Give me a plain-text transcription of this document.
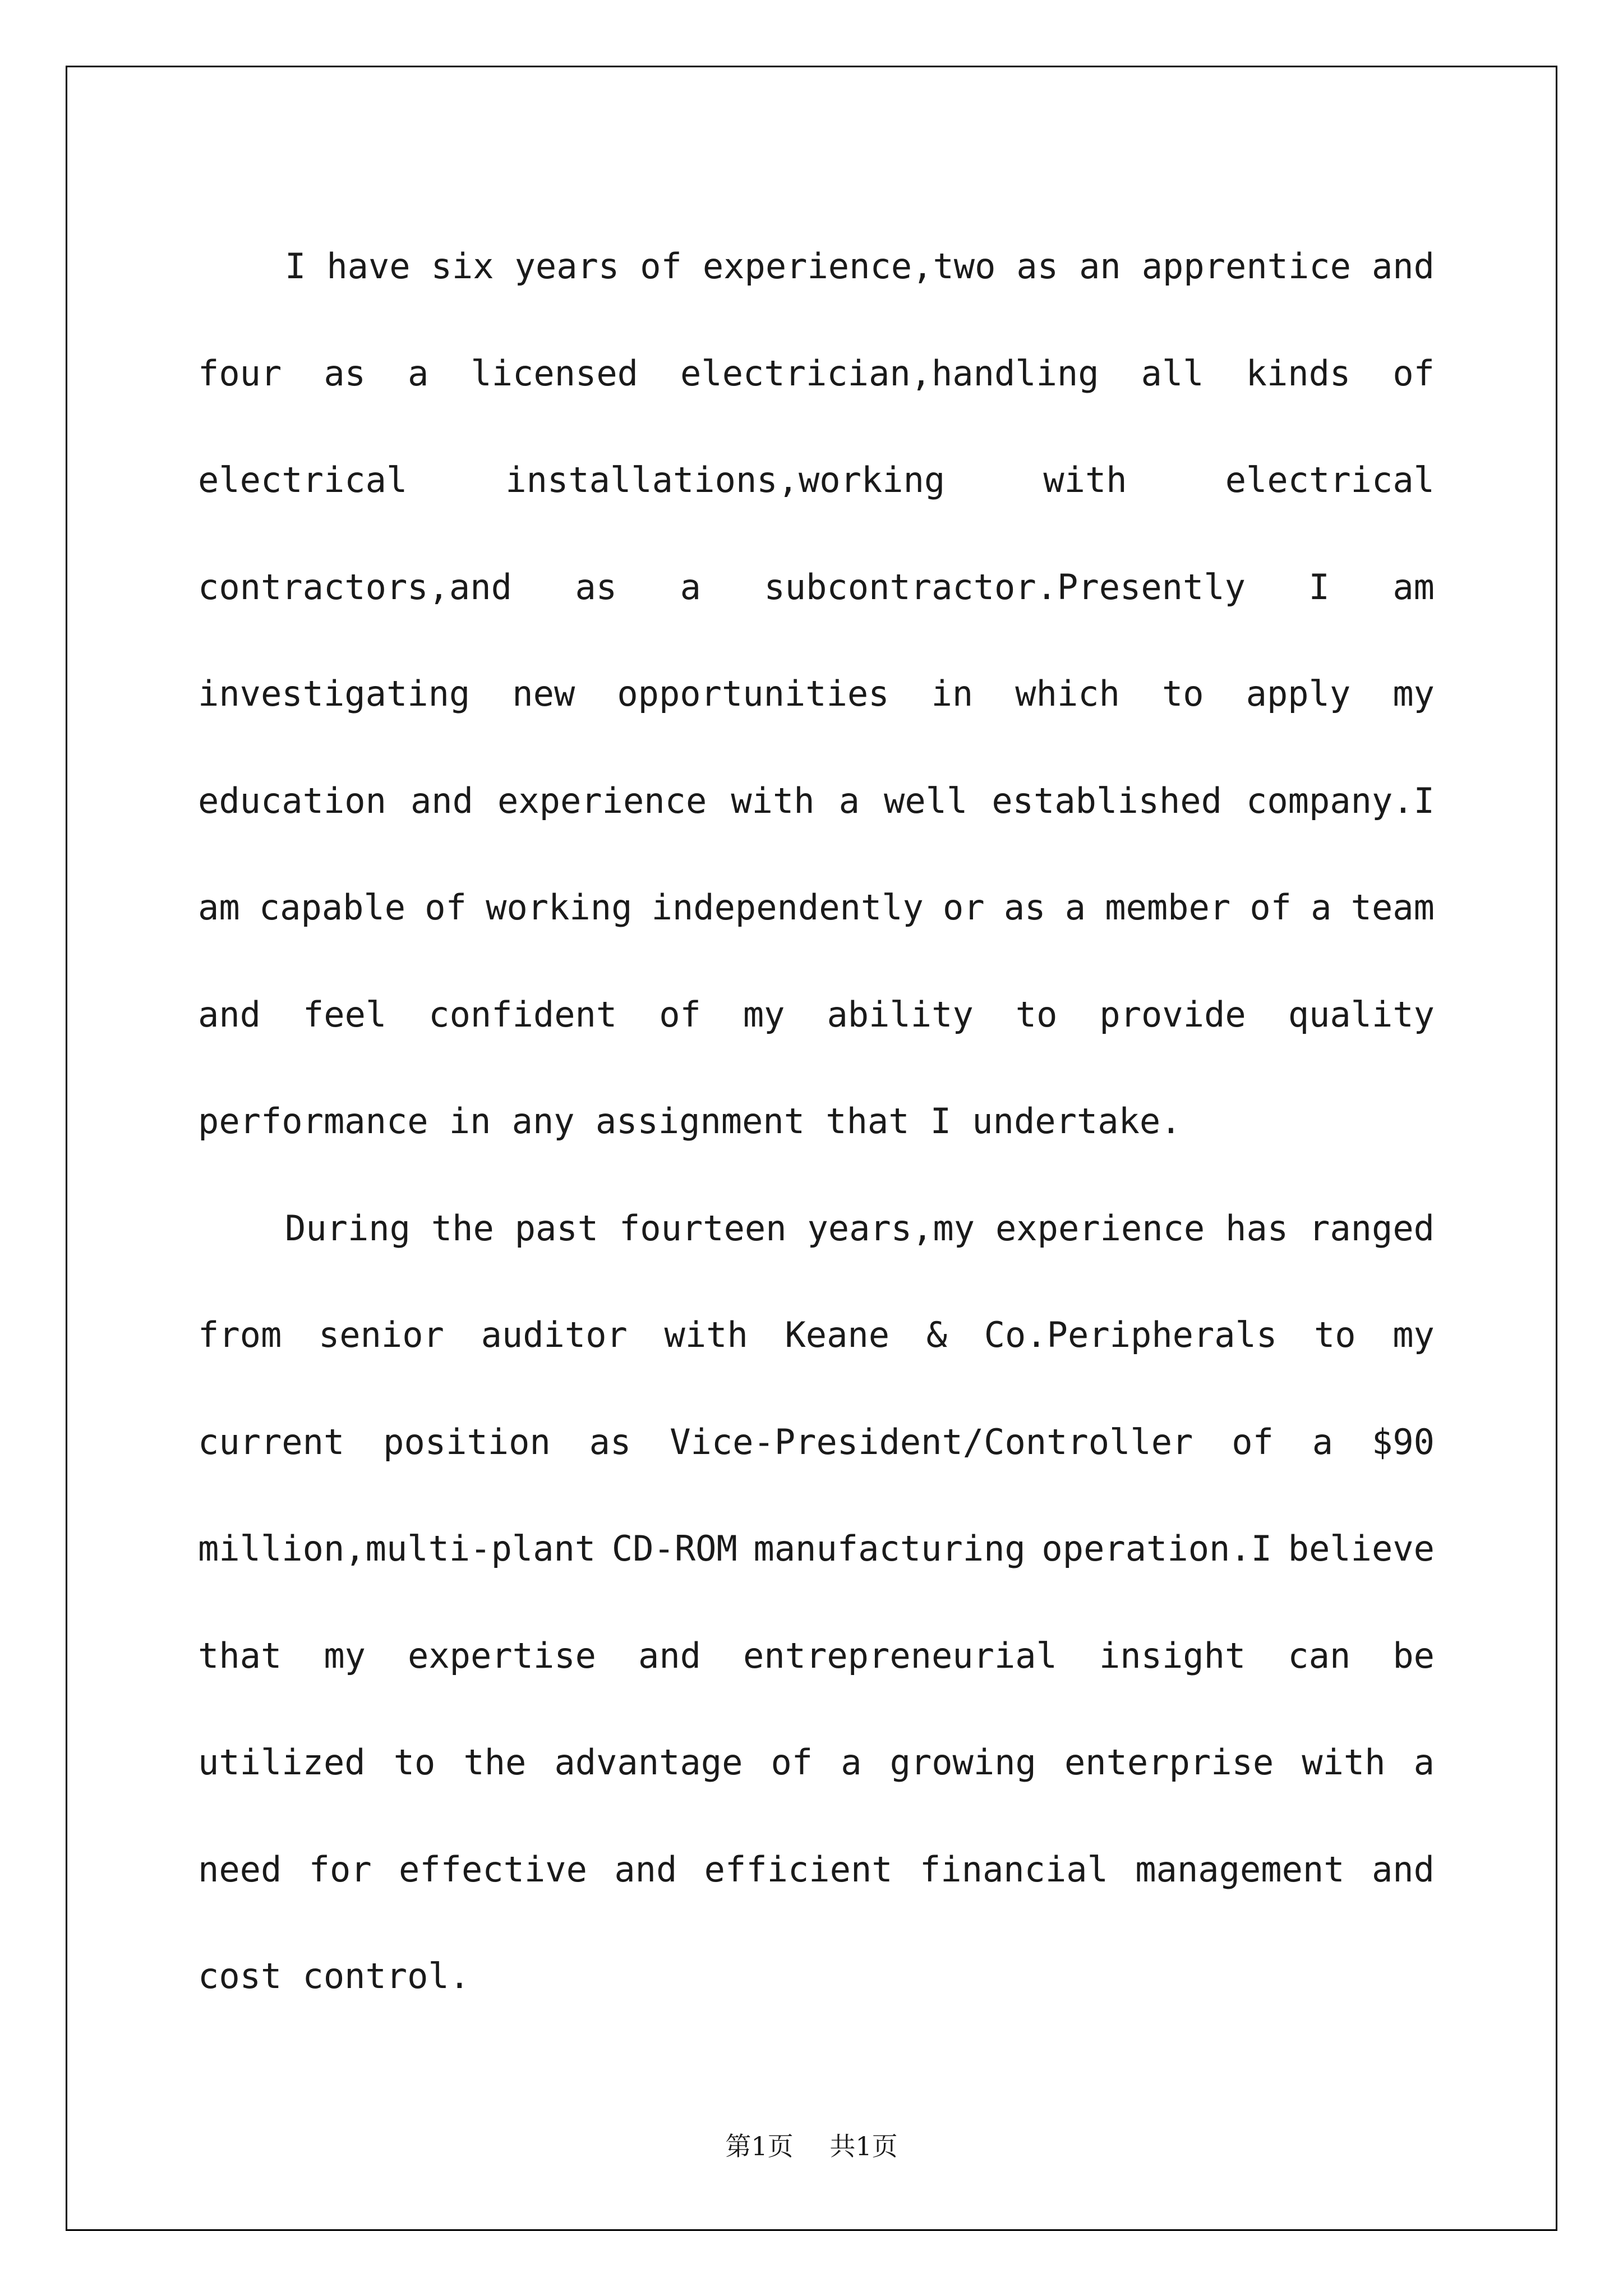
I have six years of experience,two as an apprentice and
four as a licensed electrician,handling all kinds of
electrical	installations,working	with	electrical
contractors,and as a subcontractor.Presently I am
investigating new opportunities in which to apply my
education and experience with a well established company.I
am capable of working independently or as a member of a team
and feel confident of my ability to provide quality
performance in any assignment that I undertake.
During the past fourteen years,my experience has ranged
from senior auditor with Keane & Co.Peripherals to my
current position as Vice-President/Controller of a $90
million,multi-plant CD-ROM manufacturing operation.I believe
that my expertise and entrepreneurial insight can be
utilized to the advantage of a growing enterprise with a
need for effective and efficient financial management and
cost control.
第1页 共1页
